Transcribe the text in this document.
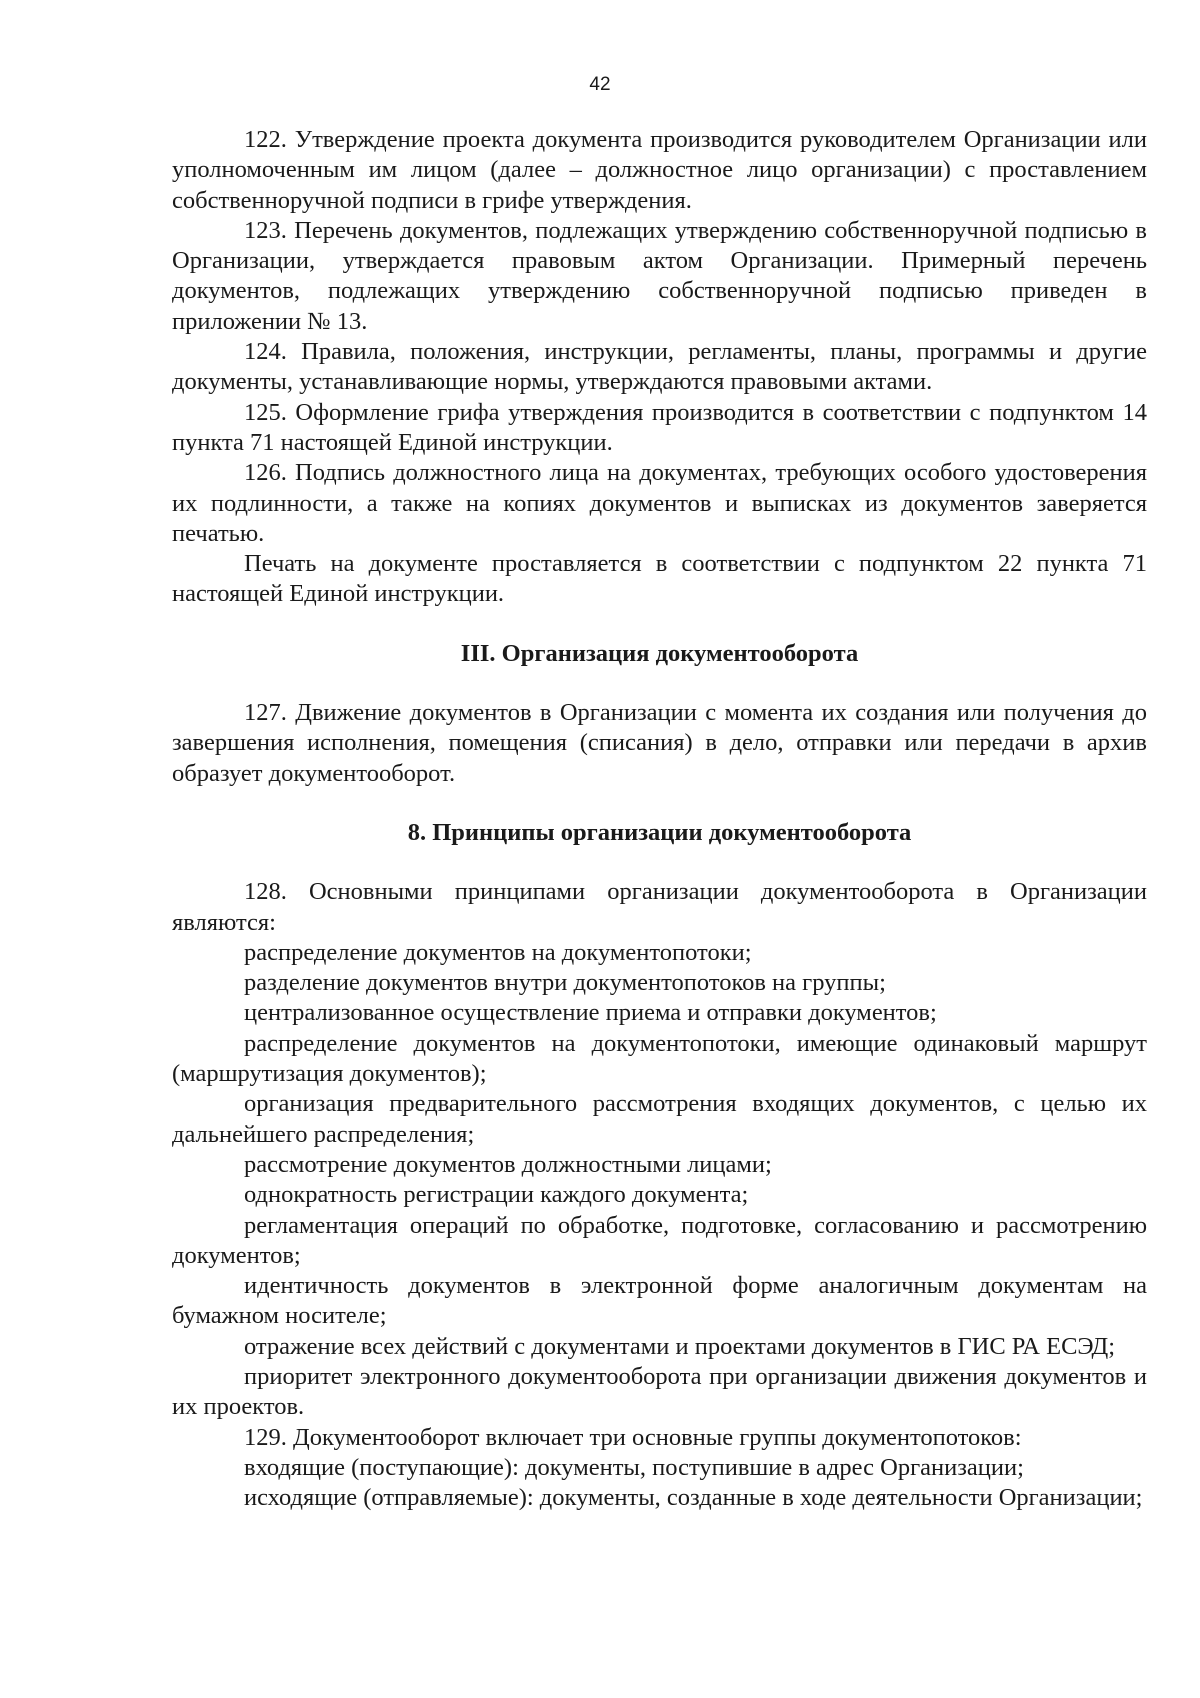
42

122. Утверждение проекта документа производится руководителем Организации или уполномоченным им лицом (далее – должностное лицо организации) с проставлением собственноручной подписи в грифе утверждения.

123. Перечень документов, подлежащих утверждению собственноручной подписью в Организации, утверждается правовым актом Организации. Примерный перечень документов, подлежащих утверждению собственноручной подписью приведен в приложении № 13.

124. Правила, положения, инструкции, регламенты, планы, программы и другие документы, устанавливающие нормы, утверждаются правовыми актами.

125. Оформление грифа утверждения производится в соответствии с подпунктом 14 пункта 71 настоящей Единой инструкции.

126. Подпись должностного лица на документах, требующих особого удостоверения их подлинности, а также на копиях документов и выписках из документов заверяется печатью.

Печать на документе проставляется в соответствии с подпунктом 22 пункта 71 настоящей Единой инструкции.

III. Организация документооборота

127. Движение документов в Организации с момента их создания или получения до завершения исполнения, помещения (списания) в дело, отправки или передачи в архив образует документооборот.

8. Принципы организации документооборота

128. Основными принципами организации документооборота в Организации являются:

распределение документов на документопотоки;

разделение документов внутри документопотоков на группы;

централизованное осуществление приема и отправки документов;

распределение документов на документопотоки, имеющие одинаковый маршрут (маршрутизация документов);

организация предварительного рассмотрения входящих документов, с целью их дальнейшего распределения;

рассмотрение документов должностными лицами;

однократность регистрации каждого документа;

регламентация операций по обработке, подготовке, согласованию и рассмотрению документов;

идентичность документов в электронной форме аналогичным документам на бумажном носителе;

отражение всех действий с документами и проектами документов в ГИС РА ЕСЭД;

приоритет электронного документооборота при организации движения документов и их проектов.

129. Документооборот включает три основные группы документопотоков:

входящие (поступающие): документы, поступившие в адрес Организации;

исходящие (отправляемые): документы, созданные в ходе деятельности Организации;
